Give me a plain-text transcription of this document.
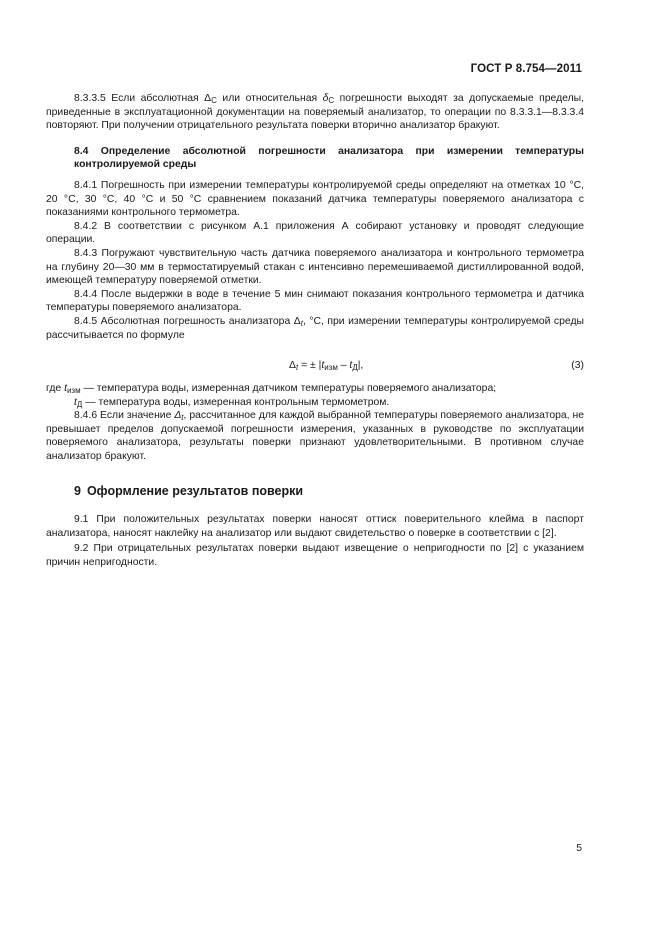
ГОСТ Р 8.754—2011

8.3.3.5 Если абсолютная $\Delta_C$ или относительная $\delta_C$ погрешности выходят за допускаемые пределы, приведенные в эксплуатационной документации на поверяемый анализатор, то операции по 8.3.3.1—8.3.3.4 повторяют. При получении отрицательного результата поверки вторично анализатор бракуют.

8.4 Определение абсолютной погрешности анализатора при измерении температуры контролируемой среды

8.4.1 Погрешность при измерении температуры контролируемой среды определяют на отметках 10 °С, 20 °С, 30 °С, 40 °С и 50 °С сравнением показаний датчика температуры поверяемого анализатора с показаниями контрольного термометра.

8.4.2 В соответствии с рисунком А.1 приложения А собирают установку и проводят следующие операции.

8.4.3 Погружают чувствительную часть датчика поверяемого анализатора и контрольного термометра на глубину 20—30 мм в термостатируемый стакан с интенсивно перемешиваемой дистиллированной водой, имеющей температуру поверяемой отметки.

8.4.4 После выдержки в воде в течение 5 мин снимают показания контрольного термометра и датчика температуры поверяемого анализатора.

8.4.5 Абсолютная погрешность анализатора $\Delta_t$, °С, при измерении температуры контролируемой среды рассчитывается по формуле

$\Delta_t$ = ± $|t_{изм} - t_Д|$,	(3)

где $t_{изм}$ — температура воды, измеренная датчиком температуры поверяемого анализатора;

$t_Д$ — температура воды, измеренная контрольным термометром.

8.4.6 Если значение $\Delta_t$, рассчитанное для каждой выбранной температуры поверяемого анализатора, не превышает пределов допускаемой погрешности измерения, указанных в руководстве по эксплуатации поверяемого анализатора, результаты поверки признают удовлетворительными. В противном случае анализатор бракуют.

9 Оформление результатов поверки

9.1 При положительных результатах поверки наносят оттиск поверительного клейма в паспорт анализатора, наносят наклейку на анализатор или выдают свидетельство о поверке в соответствии с [2].

9.2 При отрицательных результатах поверки выдают извещение о непригодности по [2] с указанием причин непригодности.

5
